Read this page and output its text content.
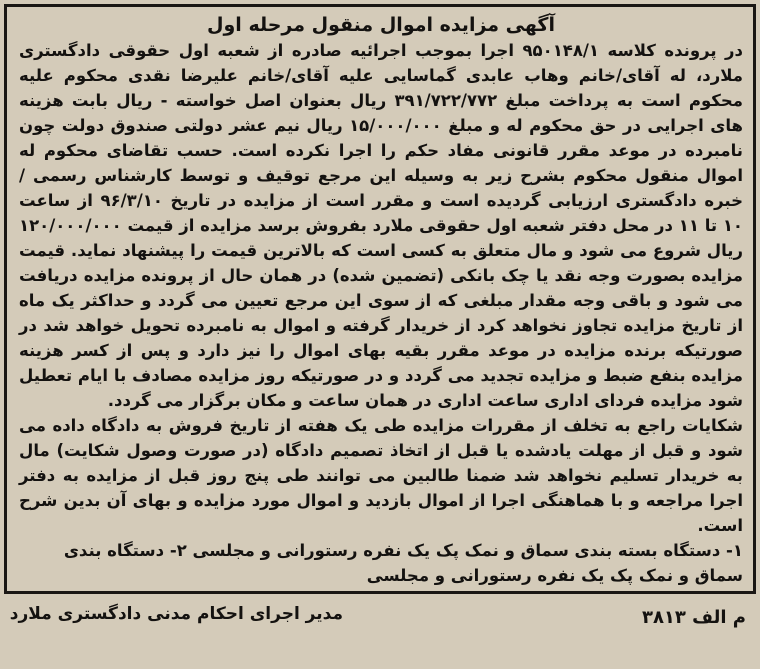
آگهی مزایده اموال منقول مرحله اول

در پرونده کلاسه ۹۵۰۱۴۸/۱ اجرا بموجب اجرائیه صادره از شعبه اول حقوقی دادگستری ملارد، له آقای/خانم وهاب عابدی گماسایی علیه آقای/خانم علیرضا نقدی محکوم علیه محکوم است به پرداخت مبلغ ۳۹۱/۷۲۲/۷۷۲ ریال بعنوان اصل خواسته - ریال بابت هزینه های اجرایی در حق محکوم له و مبلغ ۱۵/۰۰۰/۰۰۰ ریال نیم عشر دولتی صندوق دولت چون نامبرده در موعد مقرر قانونی مفاد حکم را اجرا نکرده است. حسب تقاضای محکوم له اموال منقول محکوم بشرح زیر به وسیله این مرجع توقیف و توسط کارشناس رسمی / خبره دادگستری ارزیابی گردیده است و مقرر است از مزایده در تاریخ ۹۶/۳/۱۰ از ساعت ۱۰ تا ۱۱ در محل دفتر شعبه اول حقوقی ملارد بفروش برسد مزایده از قیمت ۱۲۰/۰۰۰/۰۰۰ ریال شروع می شود و مال متعلق به کسی است که بالاترین قیمت را پیشنهاد نماید. قیمت مزایده بصورت وجه نقد یا چک بانکی (تضمین شده) در همان حال از پرونده مزایده دریافت می شود و باقی وجه مقدار مبلغی که از سوی این مرجع تعیین می گردد و حداکثر یک ماه از تاریخ مزایده تجاوز نخواهد کرد از خریدار گرفته و اموال به نامبرده تحویل خواهد شد در صورتیکه برنده مزایده در موعد مقرر بقیه بهای اموال را نیز دارد و پس از کسر هزینه مزایده بنفع ضبط و مزایده تجدید می گردد و در صورتیکه روز مزایده مصادف با ایام تعطیل شود مزایده فردای اداری ساعت اداری در همان ساعت و مکان برگزار می گردد.

شکایات راجع به تخلف از مقررات مزایده طی یک هفته از تاریخ فروش به دادگاه داده می شود و قبل از مهلت یادشده یا قبل از اتخاذ تصمیم دادگاه (در صورت وصول شکایت) مال به خریدار تسلیم نخواهد شد ضمنا طالبین می توانند طی پنج روز قبل از مزایده به دفتر اجرا مراجعه و با هماهنگی اجرا از اموال بازدید و اموال مورد مزایده و بهای آن بدین شرح است.

۱- دستگاه بسته بندی سماق و نمک پک یک نفره رستورانی و مجلسی ۲- دستگاه بندی سماق و نمک پک یک نفره رستورانی و مجلسی

مدیر اجرای احکام مدنی دادگستری ملارد	م الف ۳۸۱۳
